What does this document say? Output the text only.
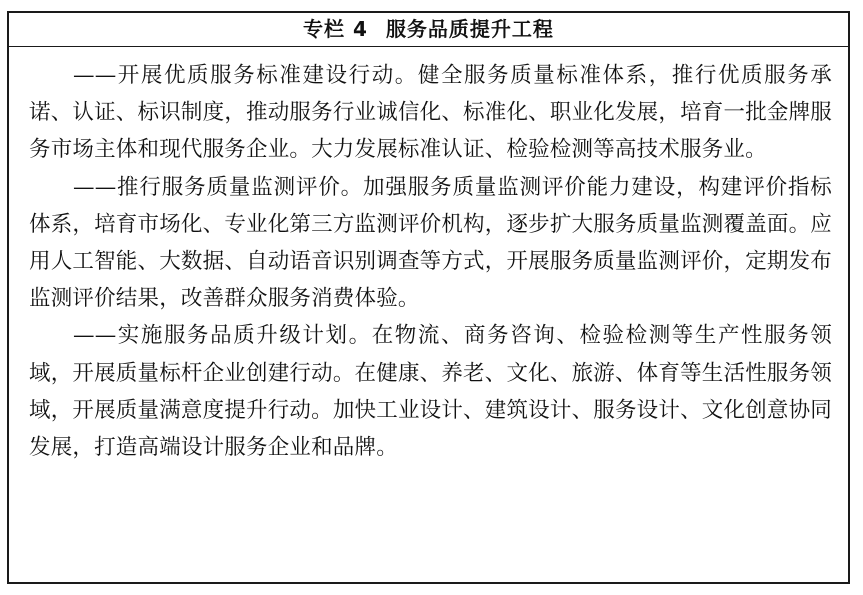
专栏 4 服务品质提升工程

——开展优质服务标准建设行动。健全服务质量标准体系，推行优质服务承诺、认证、标识制度，推动服务行业诚信化、标准化、职业化发展，培育一批金牌服务市场主体和现代服务企业。大力发展标准认证、检验检测等高技术服务业。

——推行服务质量监测评价。加强服务质量监测评价能力建设，构建评价指标体系，培育市场化、专业化第三方监测评价机构，逐步扩大服务质量监测覆盖面。应用人工智能、大数据、自动语音识别调查等方式，开展服务质量监测评价，定期发布监测评价结果，改善群众服务消费体验。

——实施服务品质升级计划。在物流、商务咨询、检验检测等生产性服务领域，开展质量标杆企业创建行动。在健康、养老、文化、旅游、体育等生活性服务领域，开展质量满意度提升行动。加快工业设计、建筑设计、服务设计、文化创意协同发展，打造高端设计服务企业和品牌。
